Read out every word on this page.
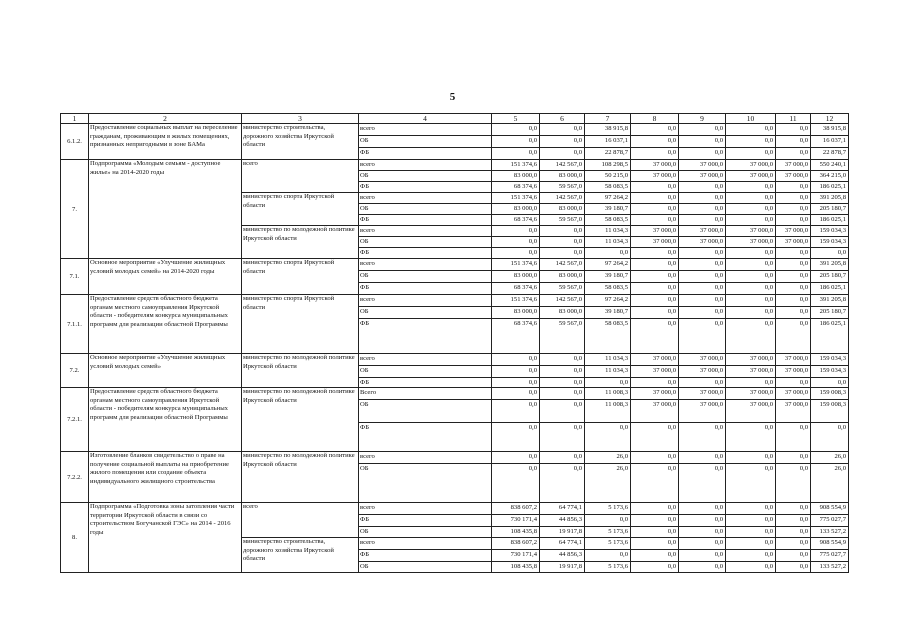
5
1	2	3	4	5	6	7	8	9	10	11	12
6.1.2.	Предоставление социальных выплат на переселение гражданам, проживающим в жилых помещениях, признанных непригодными в зоне БАМа	министерство строительства, дорожного хозяйства Иркутской области	всего	0,0	0,0	38 915,8	0,0	0,0	0,0	0,0	38 915,8
			ОБ	0,0	0,0	16 037,1	0,0	0,0	0,0	0,0	16 037,1
			ФБ	0,0	0,0	22 878,7	0,0	0,0	0,0	0,0	22 878,7
7.	Подпрограмма «Молодым семьям - доступное жилье» на 2014-2020 годы	всего	всего	151 374,6	142 567,0	108 298,5	37 000,0	37 000,0	37 000,0	37 000,0	550 240,1
			ОБ	83 000,0	83 000,0	50 215,0	37 000,0	37 000,0	37 000,0	37 000,0	364 215,0
			ФБ	68 374,6	59 567,0	58 083,5	0,0	0,0	0,0	0,0	186 025,1
		министерство спорта Иркутской области	всего	151 374,6	142 567,0	97 264,2	0,0	0,0	0,0	0,0	391 205,8
			ОБ	83 000,0	83 000,0	39 180,7	0,0	0,0	0,0	0,0	205 180,7
			ФБ	68 374,6	59 567,0	58 083,5	0,0	0,0	0,0	0,0	186 025,1
		министерство по молодежной политике Иркутской области	всего	0,0	0,0	11 034,3	37 000,0	37 000,0	37 000,0	37 000,0	159 034,3
			ОБ	0,0	0,0	11 034,3	37 000,0	37 000,0	37 000,0	37 000,0	159 034,3
			ФБ	0,0	0,0	0,0	0,0	0,0	0,0	0,0	0,0
7.1.	Основное мероприятие «Улучшение жилищных условий молодых семей» на 2014-2020 годы	министерство спорта Иркутской области	всего	151 374,6	142 567,0	97 264,2	0,0	0,0	0,0	0,0	391 205,8
			ОБ	83 000,0	83 000,0	39 180,7	0,0	0,0	0,0	0,0	205 180,7
			ФБ	68 374,6	59 567,0	58 083,5	0,0	0,0	0,0	0,0	186 025,1
7.1.1.	Предоставление средств областного бюджета органам местного самоуправления Иркутской области - победителям конкурса муниципальных программ для реализации областной Программы	министерство спорта Иркутской области	всего	151 374,6	142 567,0	97 264,2	0,0	0,0	0,0	0,0	391 205,8
			ОБ	83 000,0	83 000,0	39 180,7	0,0	0,0	0,0	0,0	205 180,7
			ФБ	68 374,6	59 567,0	58 083,5	0,0	0,0	0,0	0,0	186 025,1
7.2.	Основное мероприятие «Улучшение жилищных условий молодых семей»	министерство по молодежной политике Иркутской области	всего	0,0	0,0	11 034,3	37 000,0	37 000,0	37 000,0	37 000,0	159 034,3
			ОБ	0,0	0,0	11 034,3	37 000,0	37 000,0	37 000,0	37 000,0	159 034,3
			ФБ	0,0	0,0	0,0	0,0	0,0	0,0	0,0	0,0
7.2.1.	Предоставление средств областного бюджета органам местного самоуправления Иркутской области - победителям конкурса муниципальных программ для реализации областной Программы	министерство по молодежной политике Иркутской области	Всего	0,0	0,0	11 008,3	37 000,0	37 000,0	37 000,0	37 000,0	159 008,3
			ОБ	0,0	0,0	11 008,3	37 000,0	37 000,0	37 000,0	37 000,0	159 008,3
			ФБ	0,0	0,0	0,0	0,0	0,0	0,0	0,0	0,0
7.2.2.	Изготовление бланков свидетельство о праве на получение социальной выплаты на приобретение жилого помещения или создание объекта индивидуального жилищного строительства	министерство по молодежной политике Иркутской области	всего	0,0	0,0	26,0	0,0	0,0	0,0	0,0	26,0
			ОБ	0,0	0,0	26,0	0,0	0,0	0,0	0,0	26,0
8.	Подпрограмма «Подготовка зоны затопления части территории Иркутской области в связи со строительством Богучанской ГЭС» на 2014 - 2016 годы	всего	всего	838 607,2	64 774,1	5 173,6	0,0	0,0	0,0	0,0	908 554,9
			ФБ	730 171,4	44 856,3	0,0	0,0	0,0	0,0	0,0	775 027,7
			ОБ	108 435,8	19 917,8	5 173,6	0,0	0,0	0,0	0,0	133 527,2
		министерство строительства, дорожного хозяйства Иркутской области	всего	838 607,2	64 774,1	5 173,6	0,0	0,0	0,0	0,0	908 554,9
			ФБ	730 171,4	44 856,3	0,0	0,0	0,0	0,0	0,0	775 027,7
			ОБ	108 435,8	19 917,8	5 173,6	0,0	0,0	0,0	0,0	133 527,2
